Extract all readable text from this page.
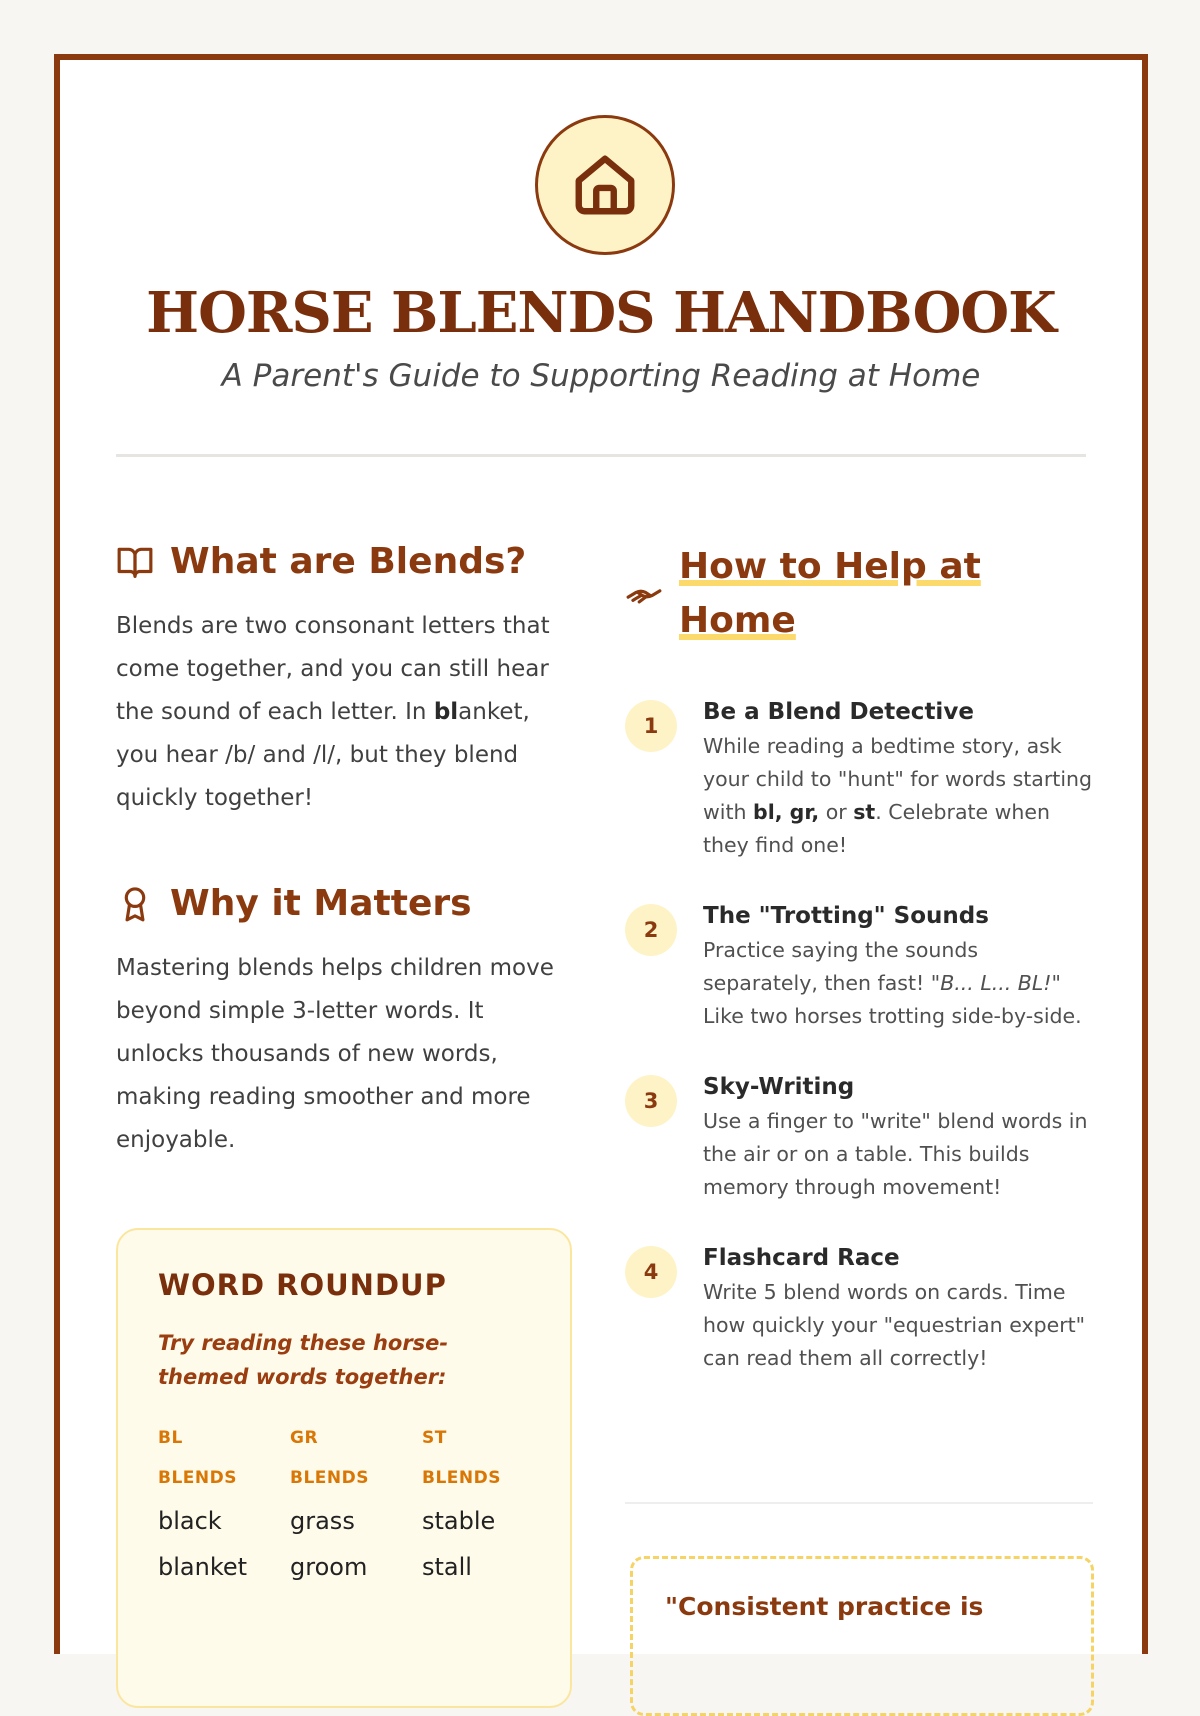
HORSE BLENDS HANDBOOK

A Parent's Guide to Supporting Reading at Home

What are Blends?

Blends are two consonant letters that come together, and you can still hear the sound of each letter. In blanket, you hear /b/ and /l/, but they blend quickly together!

Why it Matters

Mastering blends helps children move beyond simple 3-letter words. It unlocks thousands of new words, making reading smoother and more enjoyable.

WORD ROUNDUP

Try reading these horse-themed words together:

BL BLENDS
black
blanket
GR BLENDS
grass
groom
ST BLENDS
stable
stall
How to Help at
Home
1
Be a Blend Detective
While reading a bedtime story, ask your child to "hunt" for words starting with bl, gr, or st. Celebrate when they find one!
2
The "Trotting" Sounds
Practice saying the sounds separately, then fast! "B... L... BL!" Like two horses trotting side-by-side.
3
Sky-Writing
Use a finger to "write" blend words in the air or on a table. This builds memory through movement!
4
Flashcard Race
Write 5 blend words on cards. Time how quickly your "equestrian expert" can read them all correctly!

"Consistent practice is
